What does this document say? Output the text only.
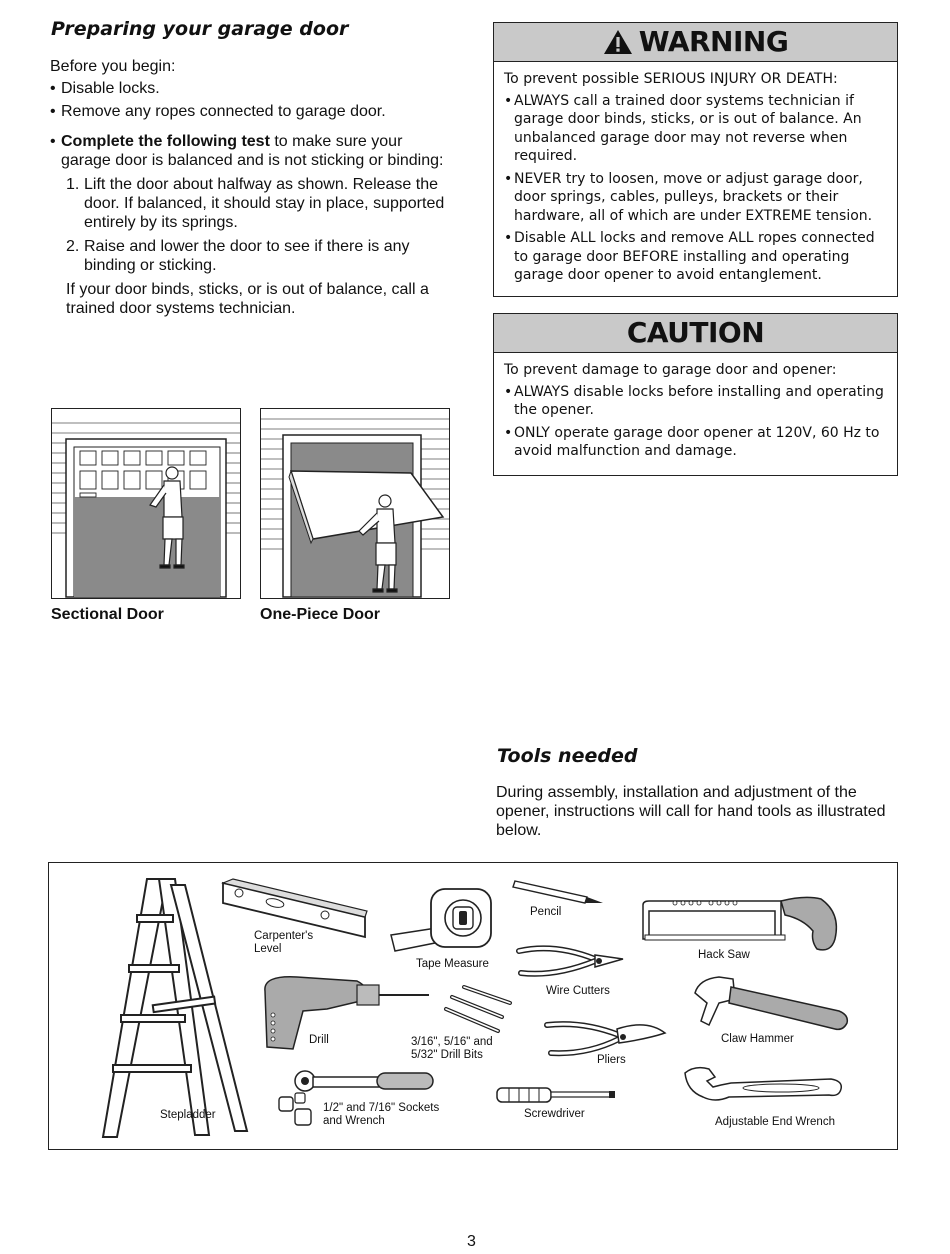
Preparing your garage door

Before you begin:

• Disable locks.

• Remove any ropes connected to garage door.

• Complete the following test to make sure your garage door is balanced and is not sticking or binding:

1. Lift the door about halfway as shown. Release the door. If balanced, it should stay in place, supported entirely by its springs.

2. Raise and lower the door to see if there is any binding or sticking.

If your door binds, sticks, or is out of balance, call a trained door systems technician.

WARNING

To prevent possible SERIOUS INJURY OR DEATH:

• ALWAYS call a trained door systems technician if garage door binds, sticks, or is out of balance. An unbalanced garage door may not reverse when required.

• NEVER try to loosen, move or adjust garage door, door springs, cables, pulleys, brackets or their hardware, all of which are under EXTREME tension.

• Disable ALL locks and remove ALL ropes connected to garage door BEFORE installing and operating garage door opener to avoid entanglement.

CAUTION

To prevent damage to garage door and opener:

• ALWAYS disable locks before installing and operating the opener.

• ONLY operate garage door opener at 120V, 60 Hz to avoid malfunction and damage.

Sectional Door	One-Piece Door
Tools needed

During assembly, installation and adjustment of the opener, instructions will call for hand tools as illustrated below.

Stepladder
Carpenter's Level
Drill	3/16", 5/16" and 5/32" Drill Bits
Tape Measure
1/2" and 7/16" Sockets and Wrench
Pencil
Wire Cutters
Pliers
Screwdriver
Hack Saw
Claw Hammer
Adjustable End Wrench
3
